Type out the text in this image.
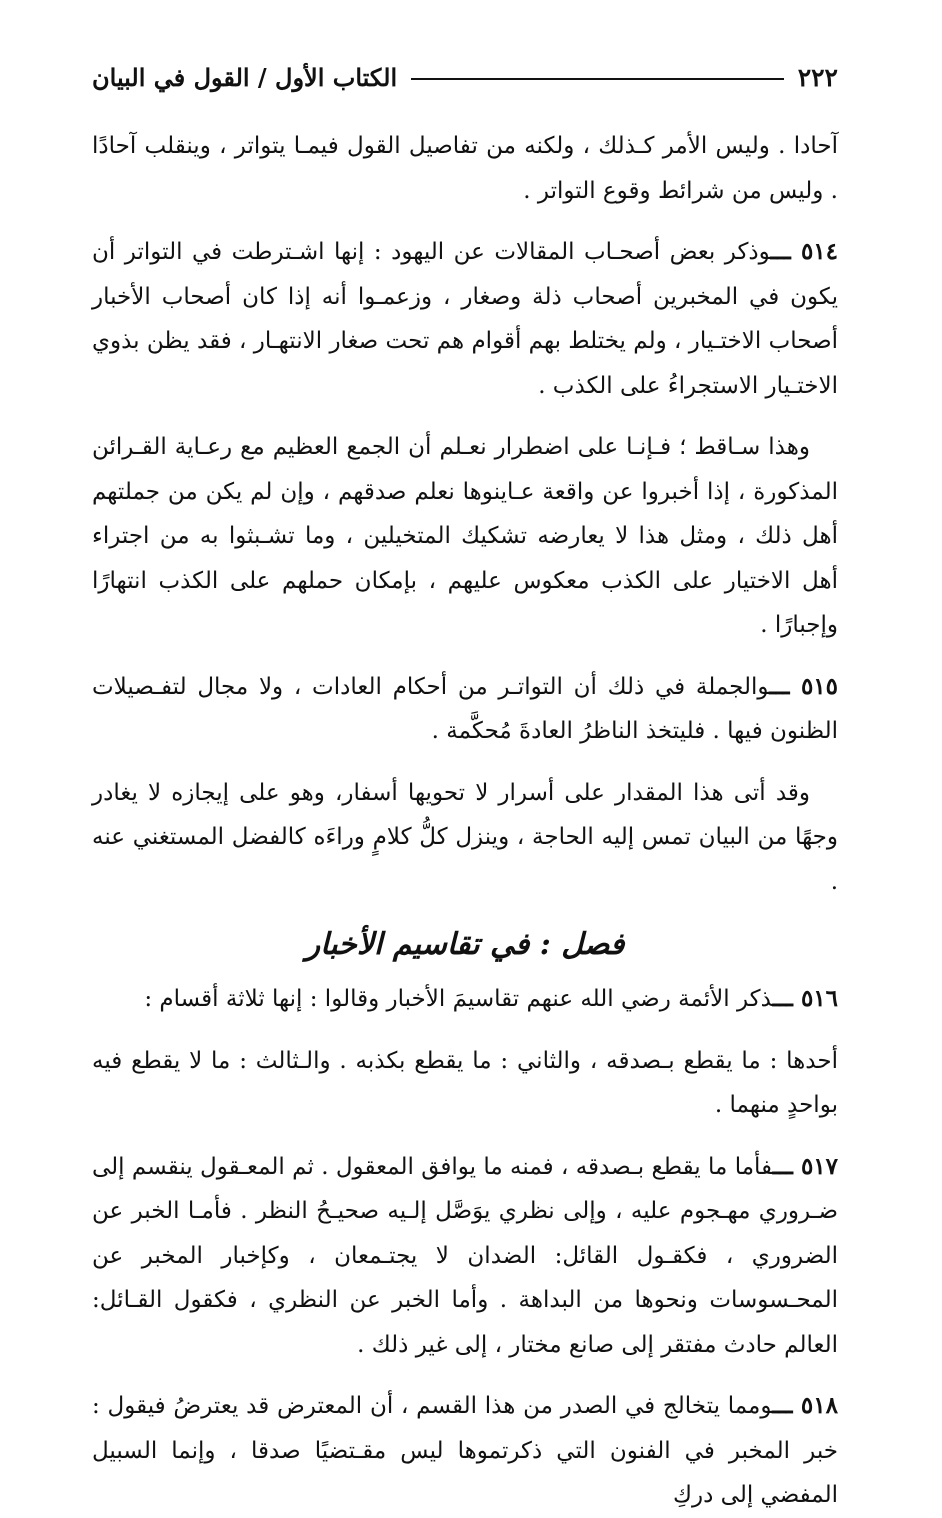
٢٢٢
الكتاب الأول / القول في البيان

آحادا . وليس الأمر كـذلك ، ولكنه من تفاصيل القول فيمـا يتواتر ، وينقلب آحادًا . وليس من شرائط وقوع التواتر .

٥١٤ ـــوذكر بعض أصحـاب المقالات عن اليهود : إنها اشـترطت في التواتر أن يكون في المخبرين أصحاب ذلة وصغار ، وزعمـوا أنه إذا كان أصحاب الأخبار أصحاب الاختـيار ، ولم يختلط بهم أقوام هم تحت صغار الانتهـار ، فقد يظن بذوي الاختـيار الاستجراءُ على الكذب .

وهذا سـاقط ؛ فـإنـا على اضطرار نعـلم أن الجمع العظيم مع رعـاية القـرائن المذكورة ، إذا أخبروا عن واقعة عـاينوها نعلم صدقهم ، وإن لم يكن من جملتهم أهل ذلك ، ومثل هذا لا يعارضه تشكيك المتخيلين ، وما تشـبثوا به من اجتراء أهل الاختيار على الكذب معكوس عليهم ، بإمكان حملهم على الكذب انتهارًا وإجبارًا .

٥١٥ ـــوالجملة في ذلك أن التواتـر من أحكام العادات ، ولا مجال لتفـصيلات الظنون فيها . فليتخذ الناظرُ العادةَ مُحكَّمة .

وقد أتى هذا المقدار على أسرار لا تحويها أسفار، وهو على إيجازه لا يغادر وجهًا من البيان تمس إليه الحاجة ، وينزل كلُّ كلامٍ وراءَه كالفضل المستغني عنه .

فصل : في تقاسيم الأخبار

٥١٦ ـــذكر الأئمة رضي الله عنهم تقاسيمَ الأخبار وقالوا : إنها ثلاثة أقسام :

أحدها : ما يقطع بـصدقه ، والثاني : ما يقطع بكذبه . والـثالث : ما لا يقطع فيه بواحدٍ منهما .

٥١٧ ـــفأما ما يقطع بـصدقه ، فمنه ما يوافق المعقول . ثم المعـقول ينقسم إلى ضـروري مهـجوم عليه ، وإلى نظري يوَصَّل إلـيه صحيـحُ النظر . فأمـا الخبر عن الضروري ، فكقـول القائل: الضدان لا يجتـمعان ، وكإخبار المخبر عن المحـسوسات ونحوها من البداهة . وأما الخبر عن النظري ، فكقول القـائل: العالم حادث مفتقر إلى صانع مختار ، إلى غير ذلك .

٥١٨ ـــومما يتخالج في الصدر من هذا القسم ، أن المعترض قد يعترضُ فيقول : خبر المخبر في الفنون التي ذكرتموها ليس مقـتضيًا صدقا ، وإنما السبيل المفضي إلى دركِ
